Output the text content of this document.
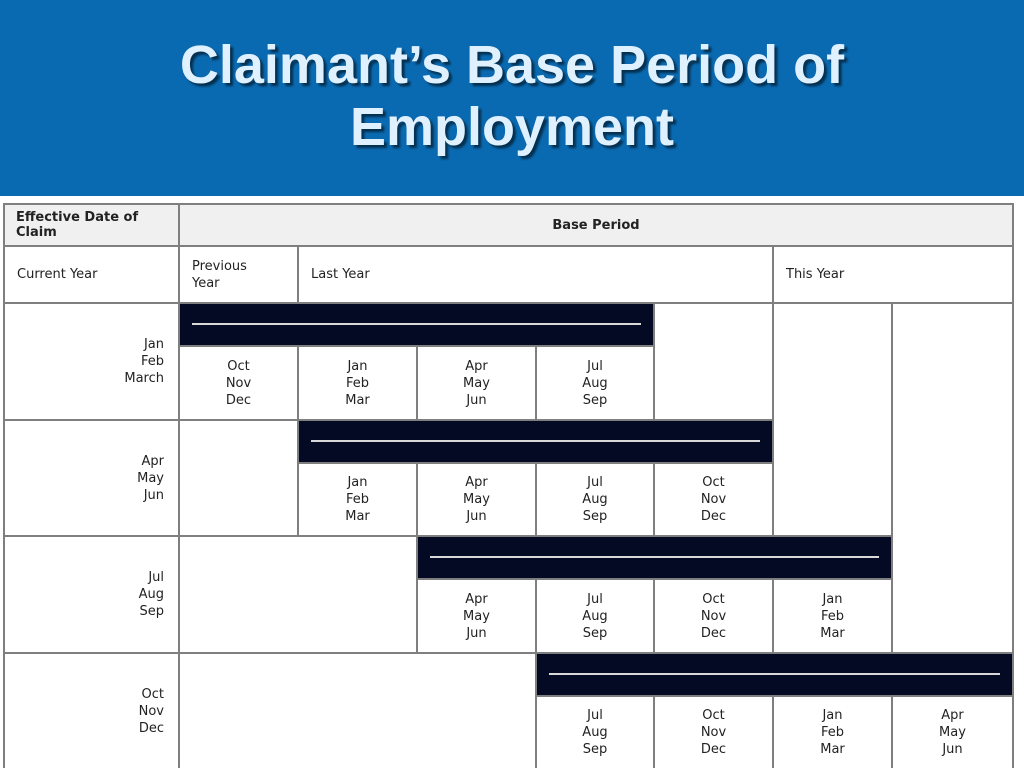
Claimant’s Base Period of
Employment
Effective Date of Claim	Base Period
Current Year
Previous Year
Last Year	This Year
Jan
Feb
March
Oct
Nov
Dec
Jan
Feb
Mar
Apr
May
Jun
Jul
Aug
Sep
Apr
May
Jun
Jan
Feb
Mar
Apr
May
Jun
Jul
Aug
Sep
Oct
Nov
Dec
Jul
Aug
Sep
Apr
May
Jun
Jul
Aug
Sep
Oct
Nov
Dec
Jan
Feb
Mar
Oct
Nov
Dec
Jul
Aug
Sep
Oct
Nov
Dec
Jan
Feb
Mar
Apr
May
Jun
